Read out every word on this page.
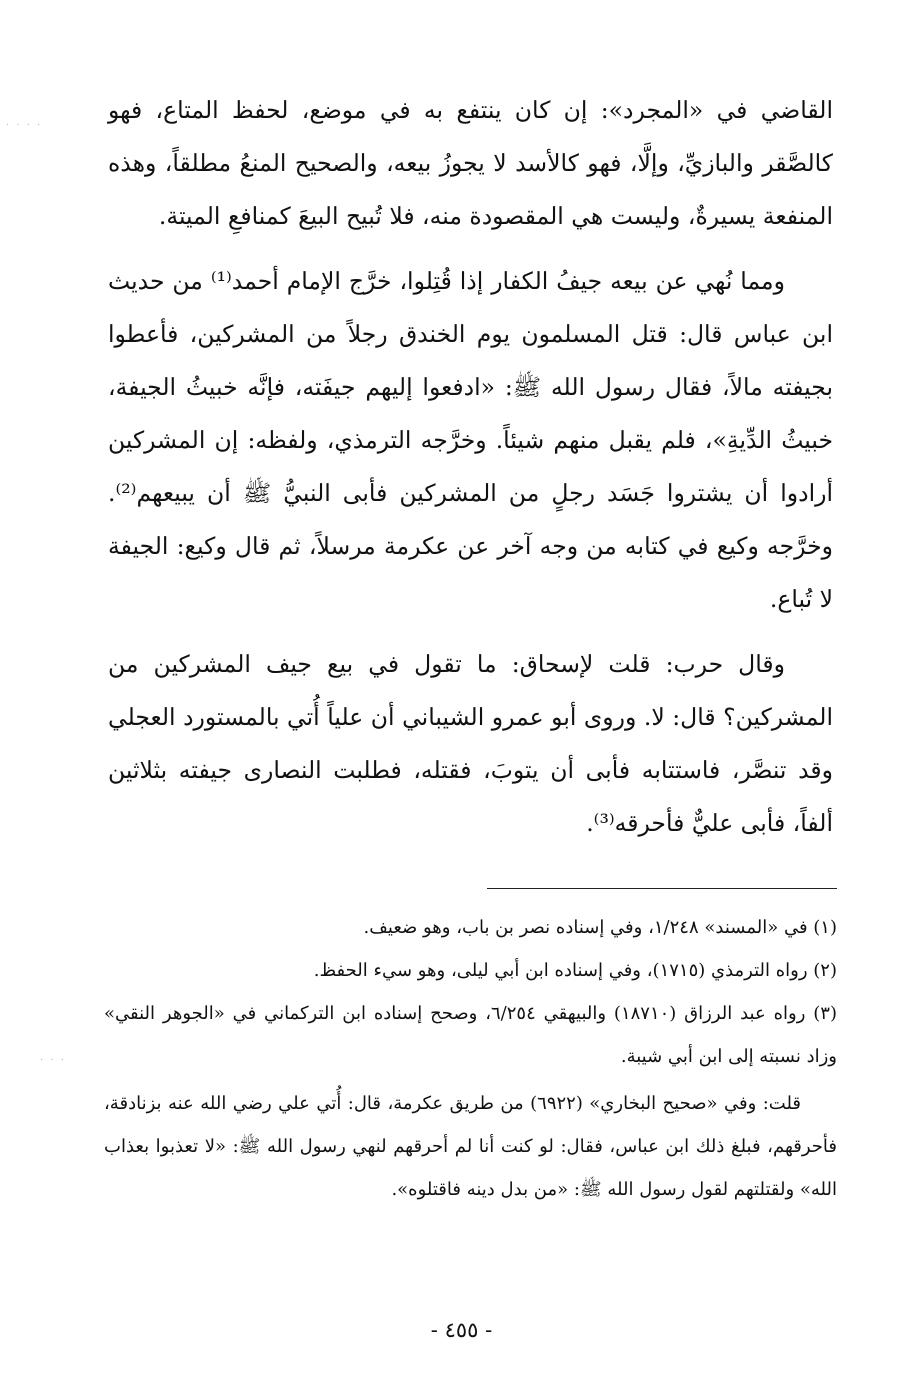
· · · ·
· · ·

القاضي في «المجرد»: إن كان ينتفع به في موضع، لحفظ المتاع، فهو كالصَّقر والبازيِّ، وإلَّا، فهو كالأسد لا يجوزُ بيعه، والصحيح المنعُ مطلقاً، وهذه المنفعة يسيرةٌ، وليست هي المقصودة منه، فلا تُبيح البيعَ كمنافعِ الميتة.

ومما نُهي عن بيعه جيفُ الكفار إذا قُتِلوا، خرَّج الإمام أحمد⁽¹⁾ من حديث ابن عباس قال: قتل المسلمون يوم الخندق رجلاً من المشركين، فأعطوا بجيفته مالاً، فقال رسول الله ﷺ: «ادفعوا إليهم جيفَته، فإنَّه خبيثُ الجيفة، خبيثُ الدِّيةِ»، فلم يقبل منهم شيئاً. وخرَّجه الترمذي، ولفظه: إن المشركين أرادوا أن يشتروا جَسَد رجلٍ من المشركين فأبى النبيُّ ﷺ أن يبيعهم⁽²⁾. وخرَّجه وكيع في كتابه من وجه آخر عن عكرمة مرسلاً، ثم قال وكيع: الجيفة لا تُباع.

وقال حرب: قلت لإسحاق: ما تقول في بيع جيف المشركين من المشركين؟ قال: لا. وروى أبو عمرو الشيباني أن علياً أُتي بالمستورد العجلي وقد تنصَّر، فاستتابه فأبى أن يتوبَ، فقتله، فطلبت النصارى جيفته بثلاثين ألفاً، فأبى عليٌّ فأحرقه⁽³⁾.

(١) في «المسند» ١/٢٤٨، وفي إسناده نصر بن باب، وهو ضعيف.

(٢) رواه الترمذي (١٧١٥)، وفي إسناده ابن أبي ليلى، وهو سيء الحفظ.

(٣) رواه عبد الرزاق (١٨٧١٠) والبيهقي ٦/٢٥٤، وصحح إسناده ابن التركماني في «الجوهر النقي» وزاد نسبته إلى ابن أبي شيبة.

قلت: وفي «صحيح البخاري» (٦٩٢٢) من طريق عكرمة، قال: أُتي علي رضي الله عنه بزنادقة، فأحرقهم، فبلغ ذلك ابن عباس، فقال: لو كنت أنا لم أحرقهم لنهي رسول الله ﷺ: «لا تعذبوا بعذاب الله» ولقتلتهم لقول رسول الله ﷺ: «من بدل دينه فاقتلوه».

- ٤٥٥ -
